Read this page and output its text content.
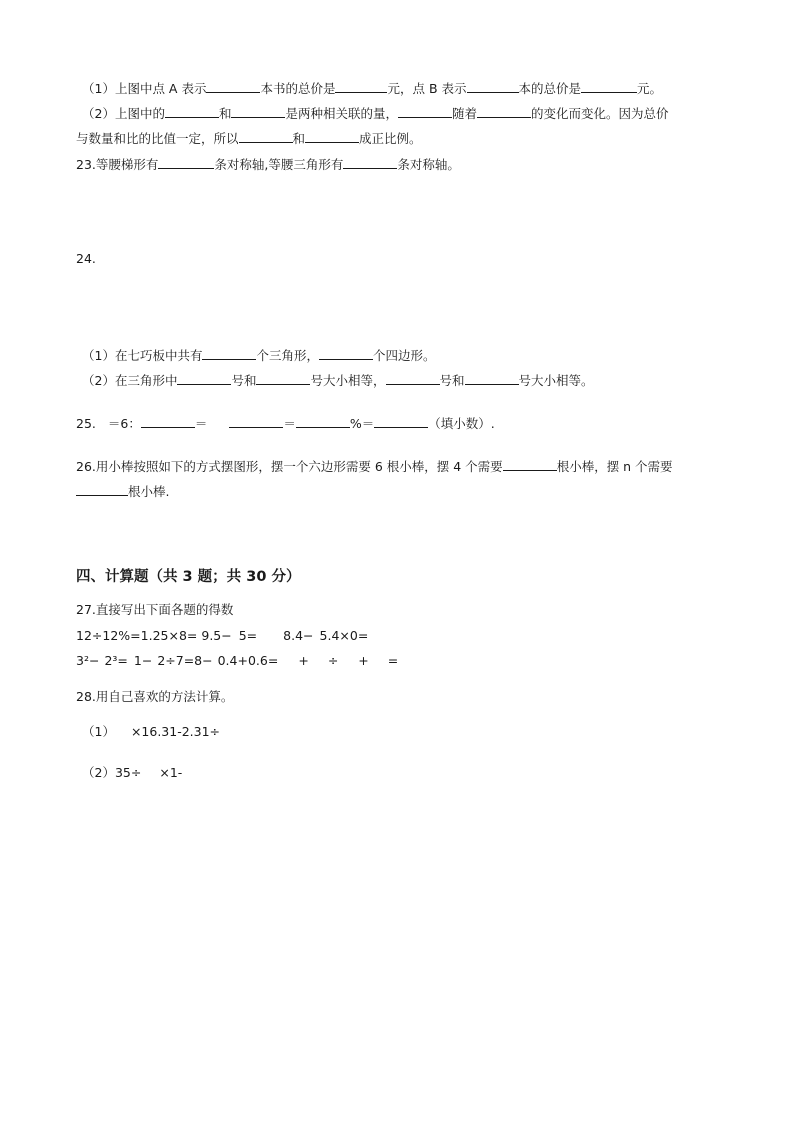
（1）上图中点 A 表示	本书的总价是	元，点 B 表示	本的总价是	元。
（2）上图中的	和	是两种相关联的量，	随着	的变化而变化。因为总价
与数量和比的比值一定，所以	和	成正比例。
23.等腰梯形有	条对称轴,等腰三角形有	条对称轴。
24.
（1）在七巧板中共有	个三角形，	个四边形。
（2）在三角形中	号和	号大小相等，	号和	号大小相等。
25. ＝6：	＝	＝	%＝	（填小数）.
26.用小棒按照如下的方式摆图形，摆一个六边形需要 6 根小棒，摆 4 个需要	根小棒，摆 n 个需要
根小棒.
四、计算题（共 3 题；共 30 分）
27.直接写出下面各题的得数
12÷12%=1.25×8= 9.5− 5= 8.4− 5.4×0=
3²− 2³= 1− 2÷7=8− 0.4+0.6= + ÷ + =
28.用自己喜欢的方法计算。
（1） ×16.31-2.31÷
（2）35÷ ×1-
